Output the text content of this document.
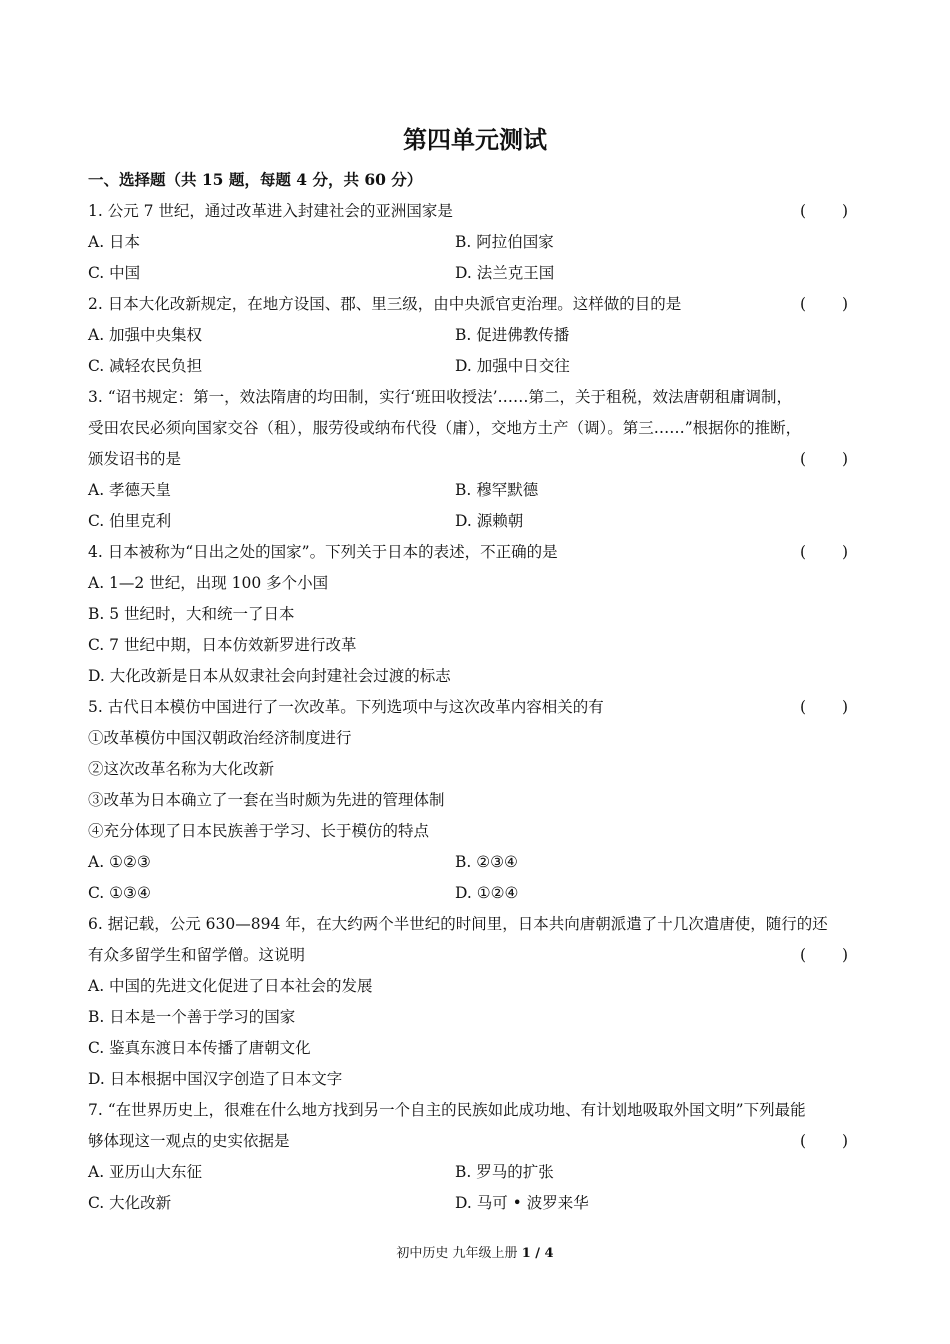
第四单元测试
一、选择题（共 15 题，每题 4 分，共 60 分）
1. 公元 7 世纪，通过改革进入封建社会的亚洲国家是	( )
A. 日本	B. 阿拉伯国家
C. 中国	D. 法兰克王国
2. 日本大化改新规定，在地方设国、郡、里三级，由中央派官吏治理。这样做的目的是	( )
A. 加强中央集权	B. 促进佛教传播
C. 减轻农民负担	D. 加强中日交往
3. “诏书规定：第一，效法隋唐的均田制，实行‘班田收授法’……第二，关于租税，效法唐朝租庸调制，
受田农民必须向国家交谷（租），服劳役或纳布代役（庸），交地方土产（调）。第三……”根据你的推断，
颁发诏书的是	( )
A. 孝德天皇	B. 穆罕默德
C. 伯里克利	D. 源赖朝
4. 日本被称为“日出之处的国家”。下列关于日本的表述，不正确的是	( )
A. 1—2 世纪，出现 100 多个小国
B. 5 世纪时，大和统一了日本
C. 7 世纪中期，日本仿效新罗进行改革
D. 大化改新是日本从奴隶社会向封建社会过渡的标志
5. 古代日本模仿中国进行了一次改革。下列选项中与这次改革内容相关的有	( )
①改革模仿中国汉朝政治经济制度进行
②这次改革名称为大化改新
③改革为日本确立了一套在当时颇为先进的管理体制
④充分体现了日本民族善于学习、长于模仿的特点
A. ①②③	B. ②③④
C. ①③④	D. ①②④
6. 据记载，公元 630—894 年，在大约两个半世纪的时间里，日本共向唐朝派遣了十几次遣唐使，随行的还
有众多留学生和留学僧。这说明	( )
A. 中国的先进文化促进了日本社会的发展
B. 日本是一个善于学习的国家
C. 鉴真东渡日本传播了唐朝文化
D. 日本根据中国汉字创造了日本文字
7. “在世界历史上，很难在什么地方找到另一个自主的民族如此成功地、有计划地吸取外国文明”下列最能
够体现这一观点的史实依据是	( )
A. 亚历山大东征	B. 罗马的扩张
C. 大化改新	D. 马可 • 波罗来华
初中历史 九年级上册 1 / 4
